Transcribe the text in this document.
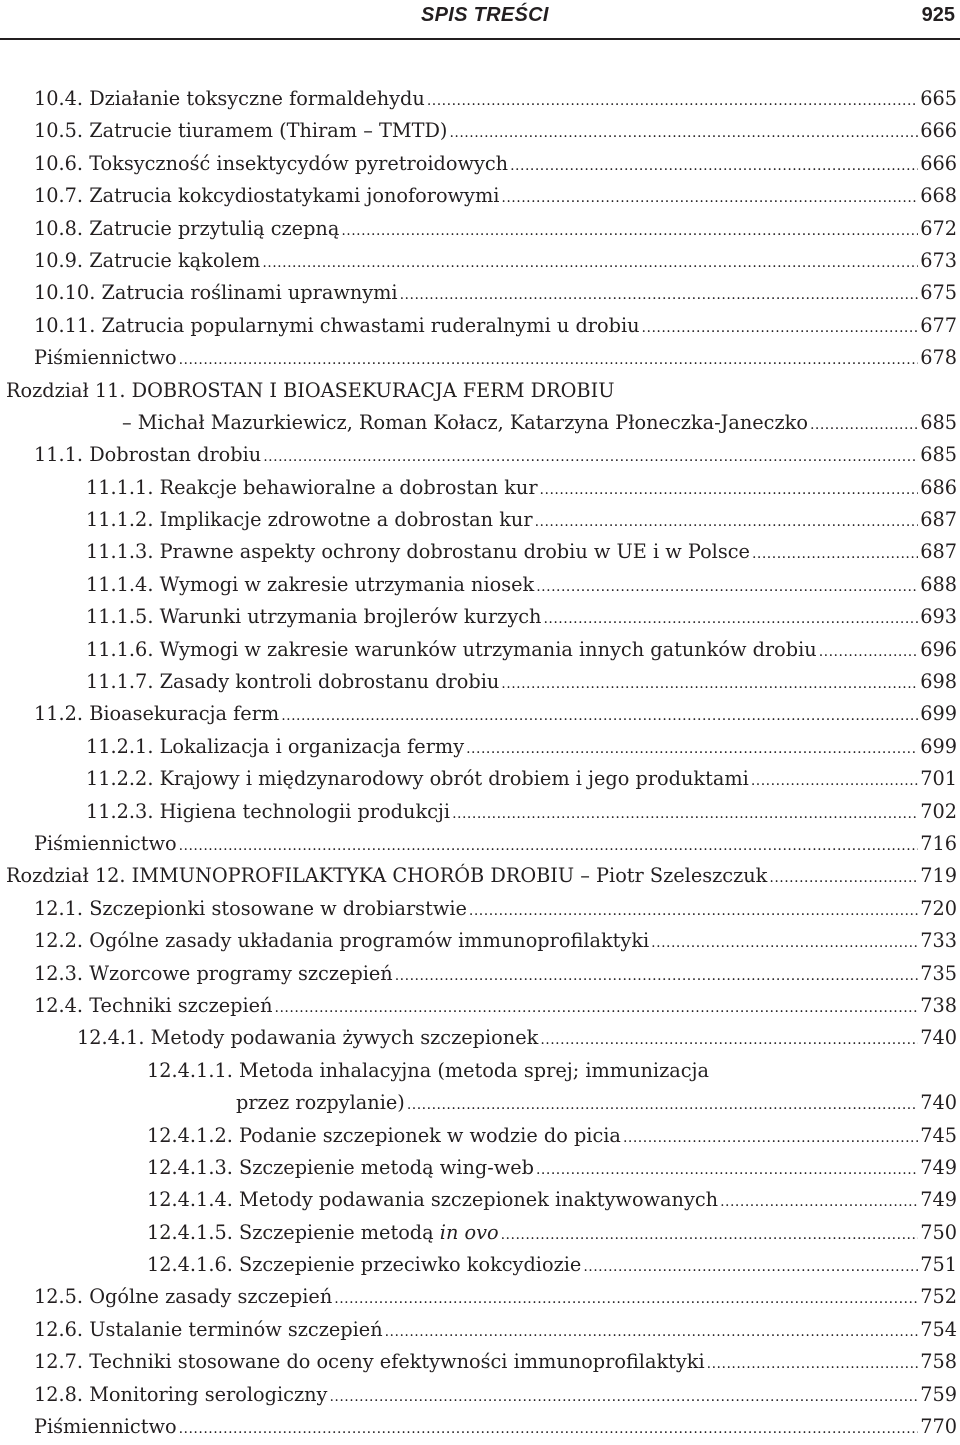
SPIS TREŚCI	925
10.4. Działanie toksyczne formaldehydu .....	665
10.5. Zatrucie tiuramem (Thiram – TMTD) .....	666
10.6. Toksyczność insektycydów pyretroidowych .....	666
10.7. Zatrucia kokcydiostatykami jonoforowymi .....	668
10.8. Zatrucie przytulią czepną .....	672
10.9. Zatrucie kąkolem .....	673
10.10. Zatrucia roślinami uprawnymi .....	675
10.11. Zatrucia popularnymi chwastami ruderalnymi u drobiu .....	677
Piśmiennictwo .....	678
Rozdział 11. DOBROSTAN I BIOASEKURACJA FERM DROBIU
– Michał Mazurkiewicz, Roman Kołacz, Katarzyna Płoneczka-Janeczko .....	685
11.1. Dobrostan drobiu .....	685
11.1.1. Reakcje behawioralne a dobrostan kur .....	686
11.1.2. Implikacje zdrowotne a dobrostan kur .....	687
11.1.3. Prawne aspekty ochrony dobrostanu drobiu w UE i w Polsce .....	687
11.1.4. Wymogi w zakresie utrzymania niosek .....	688
11.1.5. Warunki utrzymania brojlerów kurzych .....	693
11.1.6. Wymogi w zakresie warunków utrzymania innych gatunków drobiu .....	696
11.1.7. Zasady kontroli dobrostanu drobiu .....	698
11.2. Bioasekuracja ferm .....	699
11.2.1. Lokalizacja i organizacja fermy .....	699
11.2.2. Krajowy i międzynarodowy obrót drobiem i jego produktami .....	701
11.2.3. Higiena technologii produkcji .....	702
Piśmiennictwo .....	716
Rozdział 12. IMMUNOPROFILAKTYKA CHORÓB DROBIU – Piotr Szeleszczuk .....	719
12.1. Szczepionki stosowane w drobiarstwie .....	720
12.2. Ogólne zasady układania programów immunoprofilaktyki .....	733
12.3. Wzorcowe programy szczepień .....	735
12.4. Techniki szczepień .....	738
12.4.1. Metody podawania żywych szczepionek .....	740
12.4.1.1. Metoda inhalacyjna (metoda sprej; immunizacja
przez rozpylanie) .....	740
12.4.1.2. Podanie szczepionek w wodzie do picia .....	745
12.4.1.3. Szczepienie metodą wing-web .....	749
12.4.1.4. Metody podawania szczepionek inaktywowanych .....	749
12.4.1.5. Szczepienie metodą in ovo .....	750
12.4.1.6. Szczepienie przeciwko kokcydiozie .....	751
12.5. Ogólne zasady szczepień .....	752
12.6. Ustalanie terminów szczepień .....	754
12.7. Techniki stosowane do oceny efektywności immunoprofilaktyki .....	758
12.8. Monitoring serologiczny .....	759
Piśmiennictwo .....	770
